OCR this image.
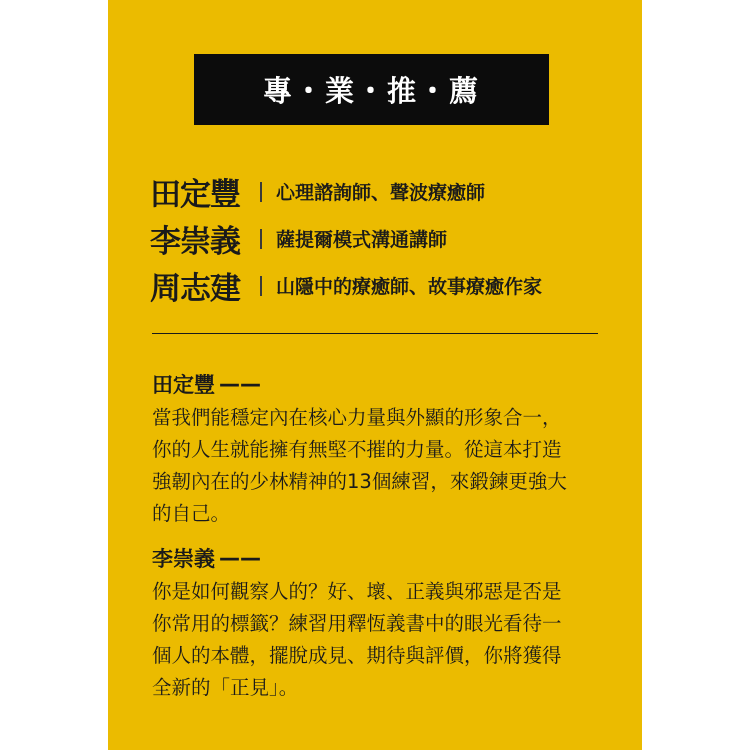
專・業・推・薦
田定豐	心理諮詢師、聲波療癒師
李崇義	薩提爾模式溝通講師
周志建	山隱中的療癒師、故事療癒作家
田定豐 ——
當我們能穩定內在核心力量與外顯的形象合一，
你的人生就能擁有無堅不摧的力量。從這本打造
強韌內在的少林精神的13個練習，來鍛鍊更強大
的自己。
李崇義 ——
你是如何觀察人的？好、壞、正義與邪惡是否是
你常用的標籤？練習用釋恆義書中的眼光看待一
個人的本體，擺脫成見、期待與評價，你將獲得
全新的「正見」。
